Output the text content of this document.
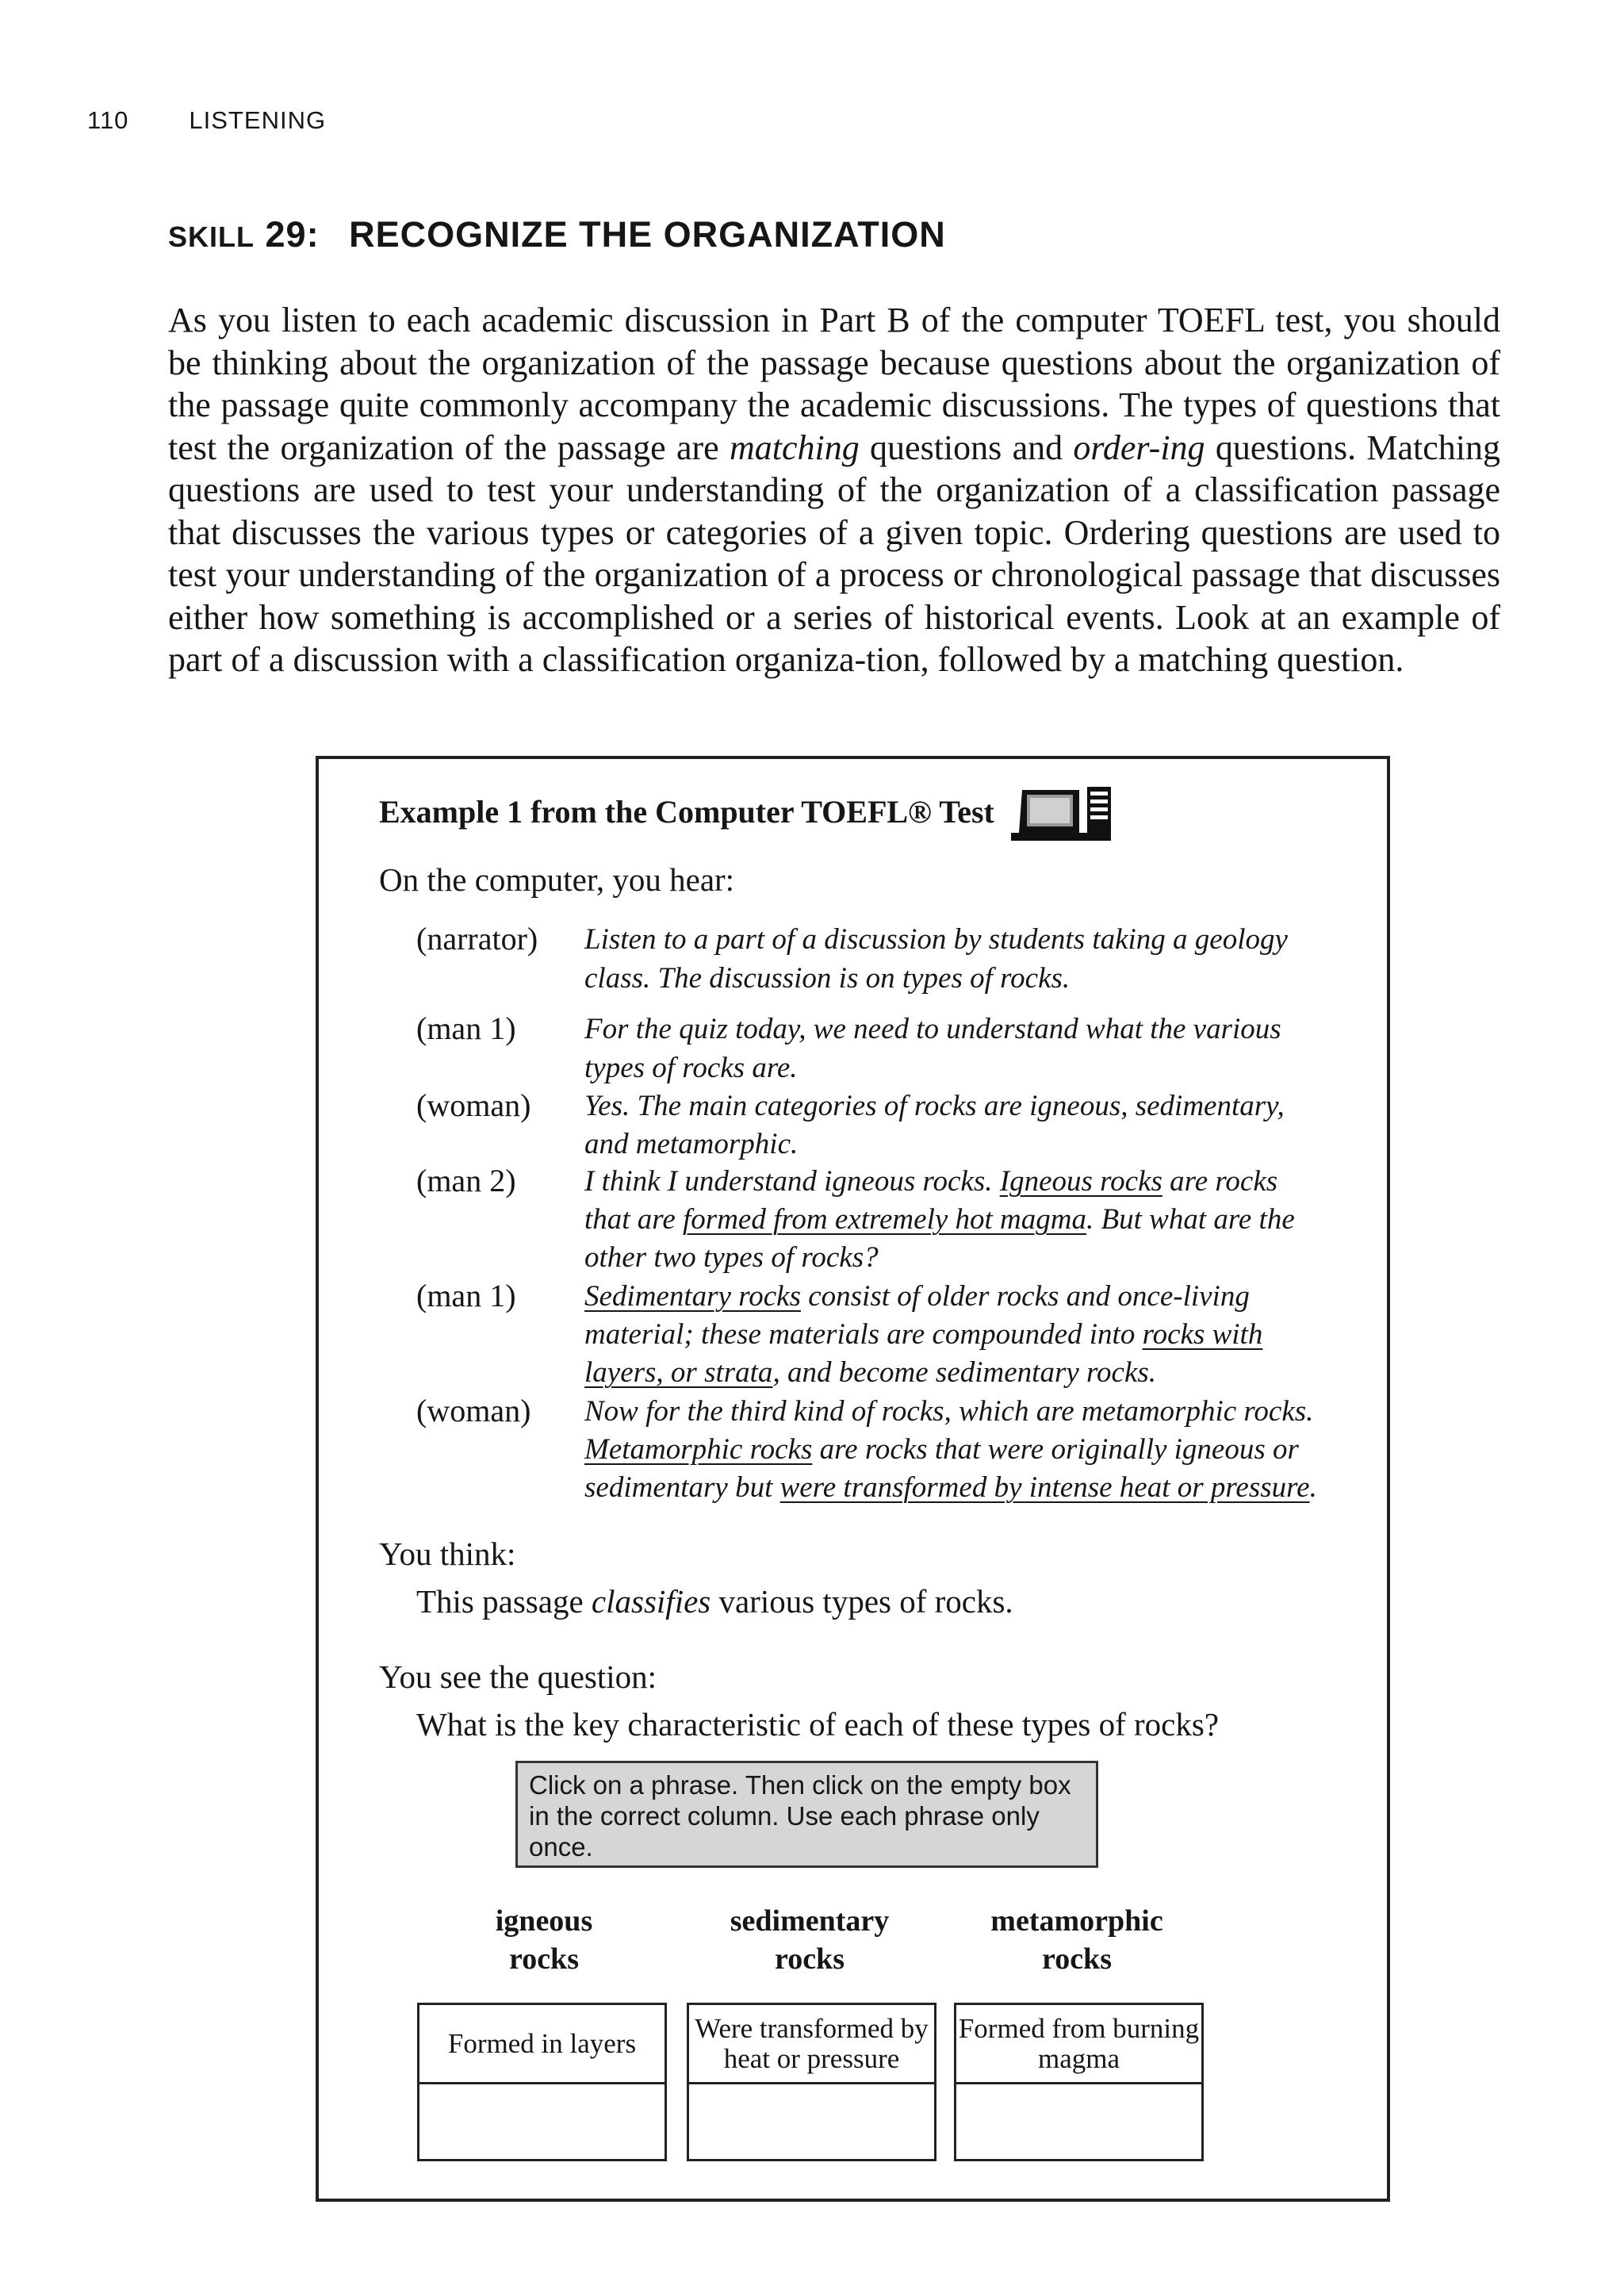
110 LISTENING
SKILL 29: RECOGNIZE THE ORGANIZATION

As you listen to each academic discussion in Part B of the computer TOEFL test, you should be thinking about the organization of the passage because questions about the organization of the passage quite commonly accompany the academic discussions. The types of questions that test the organization of the passage are matching questions and order-ing questions. Matching questions are used to test your understanding of the organization of a classification passage that discusses the various types or categories of a given topic. Ordering questions are used to test your understanding of the organization of a process or chronological passage that discusses either how something is accomplished or a series of historical events. Look at an example of part of a discussion with a classification organiza-tion, followed by a matching question.

Example 1 from the Computer TOEFL® Test
On the computer, you hear:
(narrator)
(man 1)
(woman)
(man 2)
(man 1)
(woman)
Listen to a part of a discussion by students taking a geology
class. The discussion is on types of rocks.
For the quiz today, we need to understand what the various
types of rocks are.
Yes. The main categories of rocks are igneous, sedimentary,
and metamorphic.
I think I understand igneous rocks. Igneous rocks are rocks
that are formed from extremely hot magma. But what are the
other two types of rocks?
Sedimentary rocks consist of older rocks and once-living
material; these materials are compounded into rocks with
layers, or strata, and become sedimentary rocks.
Now for the third kind of rocks, which are metamorphic rocks.
Metamorphic rocks are rocks that were originally igneous or
sedimentary but were transformed by intense heat or pressure.
You think:
This passage classifies various types of rocks.
You see the question:
What is the key characteristic of each of these types of rocks?
Click on a phrase. Then click on the empty box in the correct column. Use each phrase only once.
igneous
rocks
sedimentary
rocks
metamorphic
rocks
Formed in layers	Were transformed by heat or pressure
Formed from burning magma
